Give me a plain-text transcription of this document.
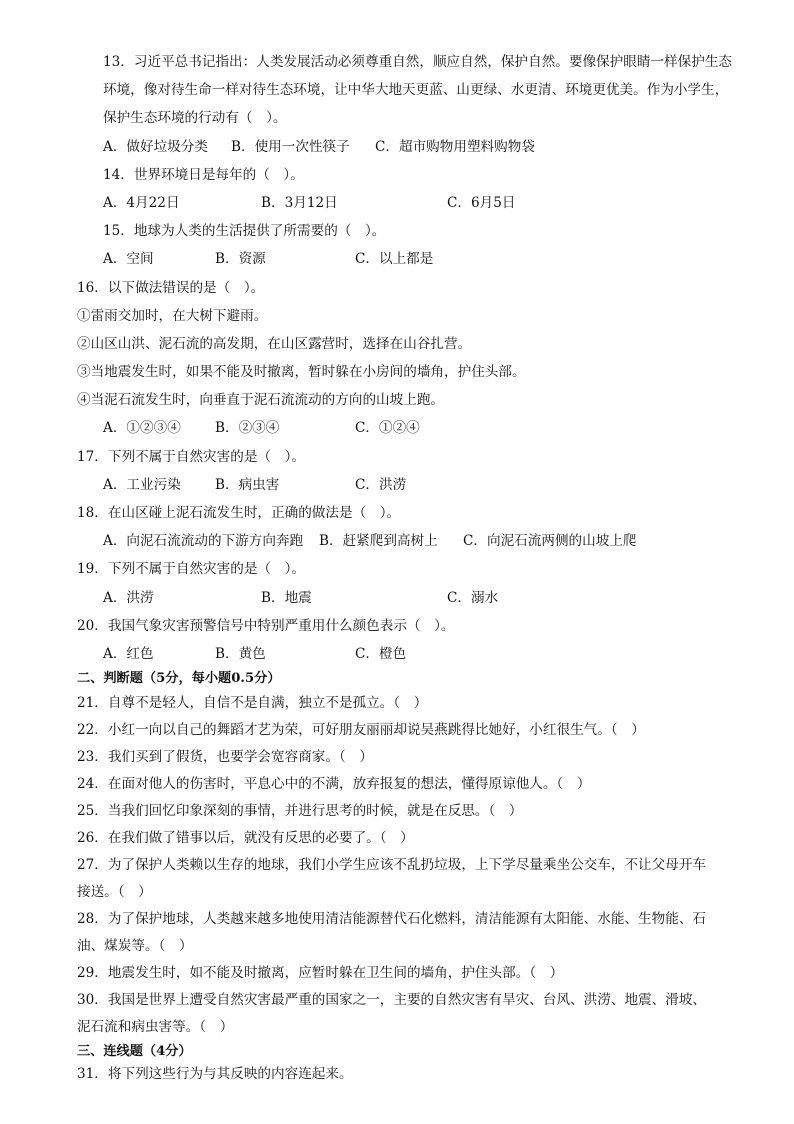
13．习近平总书记指出：人类发展活动必须尊重自然，顺应自然，保护自然。要像保护眼睛一样保护生态
环境，像对待生命一样对待生态环境，让中华大地天更蓝、山更绿、水更清、环境更优美。作为小学生，
保护生态环境的行动有（　）。
A．做好垃圾分类 B．使用一次性筷子 C．超市购物用塑料购物袋
14．世界环境日是每年的（　）。
A．4月22日	B．3月12日	C．6月5日
15．地球为人类的生活提供了所需要的（　）。
A．空间	B．资源	C．以上都是
16．以下做法错误的是（　）。
①雷雨交加时，在大树下避雨。
②山区山洪、泥石流的高发期，在山区露营时，选择在山谷扎营。
③当地震发生时，如果不能及时撤离，暂时躲在小房间的墙角，护住头部。
④当泥石流发生时，向垂直于泥石流流动的方向的山坡上跑。
A．①②③④	B．②③④	C．①②④
17．下列不属于自然灾害的是（　）。
A．工业污染	B．病虫害	C．洪涝
18．在山区碰上泥石流发生时，正确的做法是（　）。
A．向泥石流流动的下游方向奔跑 B．赶紧爬到高树上 C．向泥石流两侧的山坡上爬
19．下列不属于自然灾害的是（　）。
A．洪涝	B．地震	C．溺水
20．我国气象灾害预警信号中特别严重用什么颜色表示（　）。
A．红色	B．黄色	C．橙色
二、判断题（5分，每小题0.5分）
21．自尊不是轻人，自信不是自满，独立不是孤立。（　）
22．小红一向以自己的舞蹈才艺为荣，可好朋友丽丽却说吴燕跳得比她好，小红很生气。（　）
23．我们买到了假货，也要学会宽容商家。（　）
24．在面对他人的伤害时，平息心中的不满，放弃报复的想法，懂得原谅他人。（　）
25．当我们回忆印象深刻的事情，并进行思考的时候，就是在反思。（　）
26．在我们做了错事以后，就没有反思的必要了。（　）
27．为了保护人类赖以生存的地球，我们小学生应该不乱扔垃圾，上下学尽量乘坐公交车，不让父母开车
接送。（　）
28．为了保护地球，人类越来越多地使用清洁能源替代石化燃料，清洁能源有太阳能、水能、生物能、石
油、煤炭等。（　）
29．地震发生时，如不能及时撤离，应暂时躲在卫生间的墙角，护住头部。（　）
30．我国是世界上遭受自然灾害最严重的国家之一，主要的自然灾害有旱灾、台风、洪涝、地震、滑坡、
泥石流和病虫害等。（　）
三、连线题（4分）
31．将下列这些行为与其反映的内容连起来。
